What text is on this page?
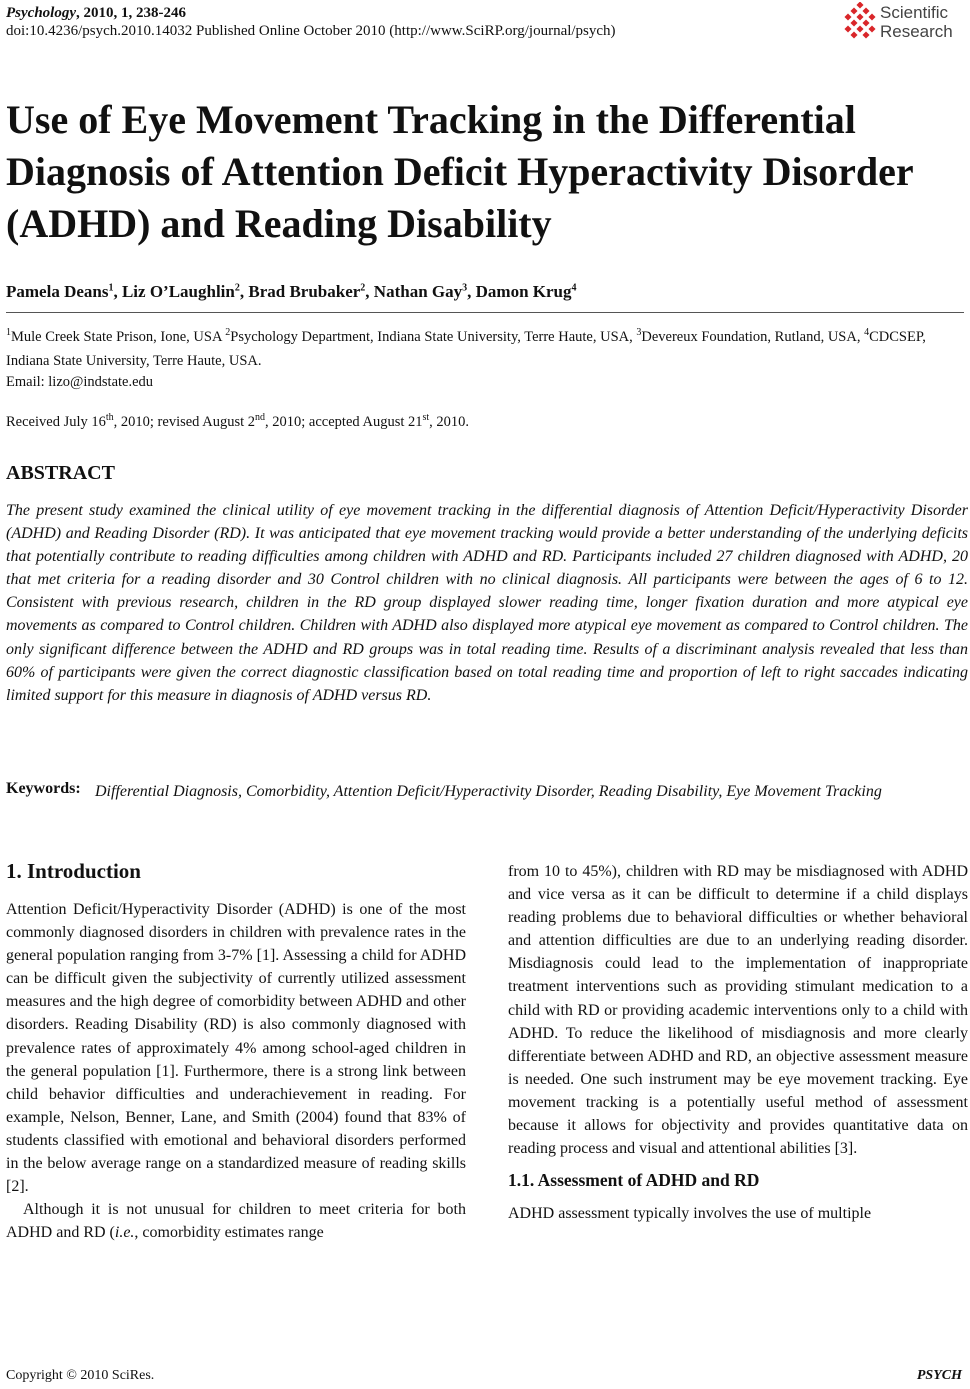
Psychology, 2010, 1, 238-246
doi:10.4236/psych.2010.14032 Published Online October 2010 (http://www.SciRP.org/journal/psych)
Scientific
Research
Use of Eye Movement Tracking in the Differential Diagnosis of Attention Deficit Hyperactivity Disorder (ADHD) and Reading Disability
Pamela Deans$^1$, Liz O’Laughlin$^2$, Brad Brubaker$^2$, Nathan Gay$^3$, Damon Krug$^4$
$^1$Mule Creek State Prison, Ione, USA $^2$Psychology Department, Indiana State University, Terre Haute, USA, $^3$Devereux Foundation, Rutland, USA, $^4$CDCSEP, Indiana State University, Terre Haute, USA.
Email: lizo@indstate.edu
Received July 16th, 2010; revised August 2nd, 2010; accepted August 21st, 2010.
ABSTRACT
The present study examined the clinical utility of eye movement tracking in the differential diagnosis of Attention Deficit/Hyperactivity Disorder (ADHD) and Reading Disorder (RD). It was anticipated that eye movement tracking would provide a better understanding of the underlying deficits that potentially contribute to reading difficulties among children with ADHD and RD. Participants included 27 children diagnosed with ADHD, 20 that met criteria for a reading disorder and 30 Control children with no clinical diagnosis. All participants were between the ages of 6 to 12. Consistent with previous research, children in the RD group displayed slower reading time, longer fixation duration and more atypical eye movements as compared to Control children. Children with ADHD also displayed more atypical eye movement as compared to Control children. The only significant difference between the ADHD and RD groups was in total reading time. Results of a discriminant analysis revealed that less than 60% of participants were given the correct diagnostic classification based on total reading time and proportion of left to right saccades indicating limited support for this measure in diagnosis of ADHD versus RD.
Keywords: Differential Diagnosis, Comorbidity, Attention Deficit/Hyperactivity Disorder, Reading Disability, Eye Movement Tracking
1. Introduction

Attention Deficit/Hyperactivity Disorder (ADHD) is one of the most commonly diagnosed disorders in children with prevalence rates in the general population ranging from 3-7% [1]. Assessing a child for ADHD can be difficult given the subjectivity of currently utilized assessment measures and the high degree of comorbidity between ADHD and other disorders. Reading Disability (RD) is also commonly diagnosed with prevalence rates of approximately 4% among school-aged children in the general population [1]. Furthermore, there is a strong link between child behavior difficulties and underachievement in reading. For example, Nelson, Benner, Lane, and Smith (2004) found that 83% of students classified with emotional and behavioral disorders performed in the below average range on a standardized measure of reading skills [2].

Although it is not unusual for children to meet criteria for both ADHD and RD (i.e., comorbidity estimates range

from 10 to 45%), children with RD may be misdiagnosed with ADHD and vice versa as it can be difficult to determine if a child displays reading problems due to behavioral difficulties or whether behavioral and attention difficulties are due to an underlying reading disorder. Misdiagnosis could lead to the implementation of inappropriate treatment interventions such as providing stimulant medication to a child with RD or providing academic interventions only to a child with ADHD. To reduce the likelihood of misdiagnosis and more clearly differentiate between ADHD and RD, an objective assessment measure is needed. One such instrument may be eye movement tracking. Eye movement tracking is a potentially useful method of assessment because it allows for objectivity and provides quantitative data on reading process and visual and attentional abilities [3].

1.1. Assessment of ADHD and RD

ADHD assessment typically involves the use of multiple

Copyright © 2010 SciRes.	PSYCH
